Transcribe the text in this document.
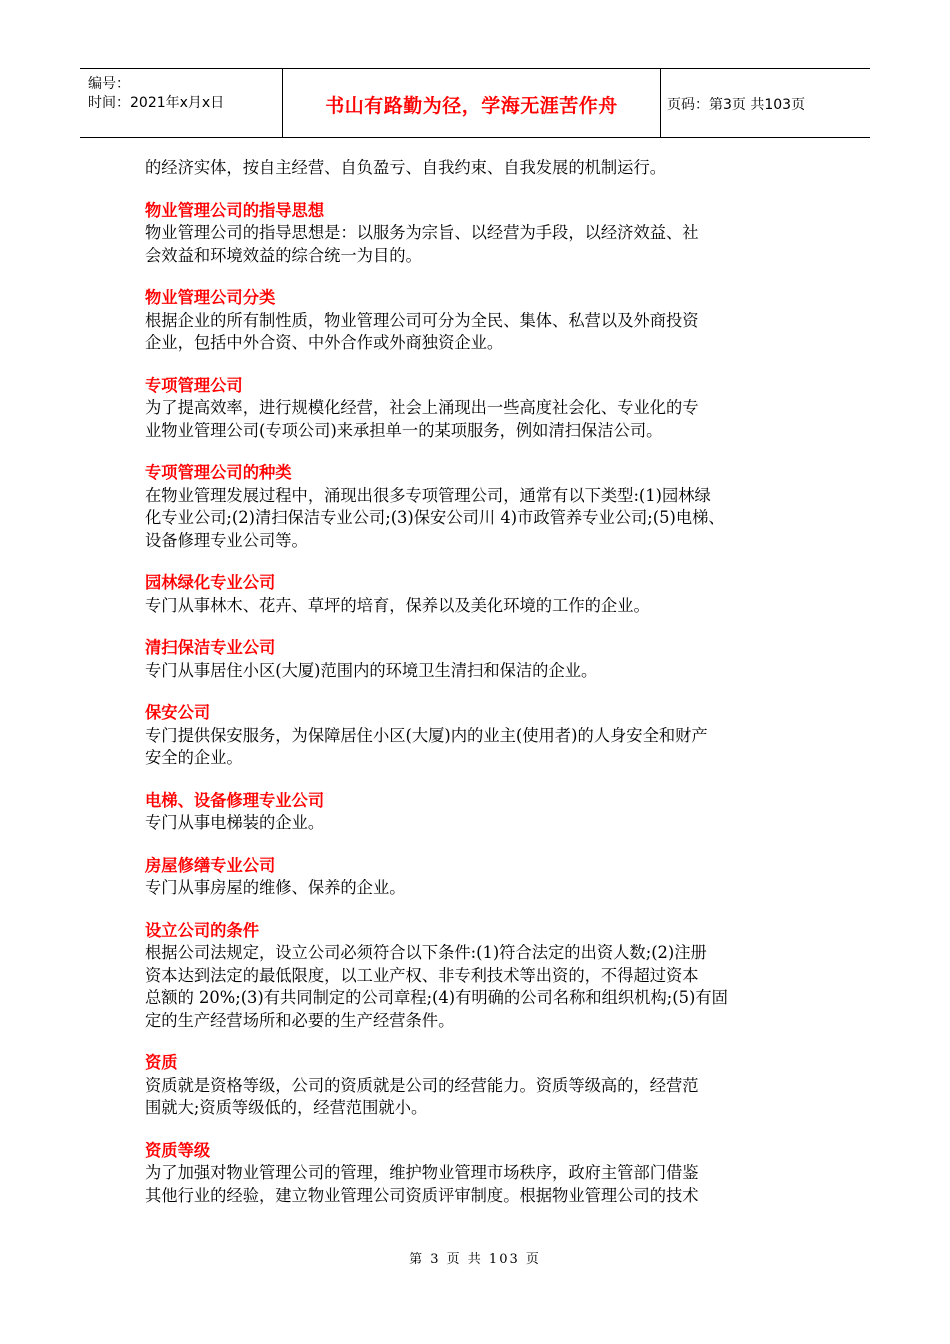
编号：
时间：2021年x月x日	书山有路勤为径，学海无涯苦作舟	页码：第3页 共103页

的经济实体，按自主经营、自负盈亏、自我约束、自我发展的机制运行。

物业管理公司的指导思想

物业管理公司的指导思想是：以服务为宗旨、以经营为手段，以经济效益、社

会效益和环境效益的综合统一为目的。

物业管理公司分类

根据企业的所有制性质，物业管理公司可分为全民、集体、私营以及外商投资

企业，包括中外合资、中外合作或外商独资企业。

专项管理公司

为了提高效率，进行规模化经营，社会上涌现出一些高度社会化、专业化的专

业物业管理公司(专项公司)来承担单一的某项服务，例如清扫保洁公司。

专项管理公司的种类

在物业管理发展过程中，涌现出很多专项管理公司，通常有以下类型:(1)园林绿

化专业公司;(2)清扫保洁专业公司;(3)保安公司川 4)市政管养专业公司;(5)电梯、

设备修理专业公司等。

园林绿化专业公司

专门从事林木、花卉、草坪的培育，保养以及美化环境的工作的企业。

清扫保洁专业公司

专门从事居住小区(大厦)范围内的环境卫生清扫和保洁的企业。

保安公司

专门提供保安服务，为保障居住小区(大厦)内的业主(使用者)的人身安全和财产

安全的企业。

电梯、设备修理专业公司

专门从事电梯装的企业。

房屋修缮专业公司

专门从事房屋的维修、保养的企业。

设立公司的条件

根据公司法规定，设立公司必须符合以下条件:(1)符合法定的出资人数;(2)注册

资本达到法定的最低限度，以工业产权、非专利技术等出资的，不得超过资本

总额的 20%;(3)有共同制定的公司章程;(4)有明确的公司名称和组织机构;(5)有固

定的生产经营场所和必要的生产经营条件。

资质

资质就是资格等级，公司的资质就是公司的经营能力。资质等级高的，经营范

围就大;资质等级低的，经营范围就小。

资质等级

为了加强对物业管理公司的管理，维护物业管理市场秩序，政府主管部门借鉴

其他行业的经验，建立物业管理公司资质评审制度。根据物业管理公司的技术

第 3 页 共 103 页
